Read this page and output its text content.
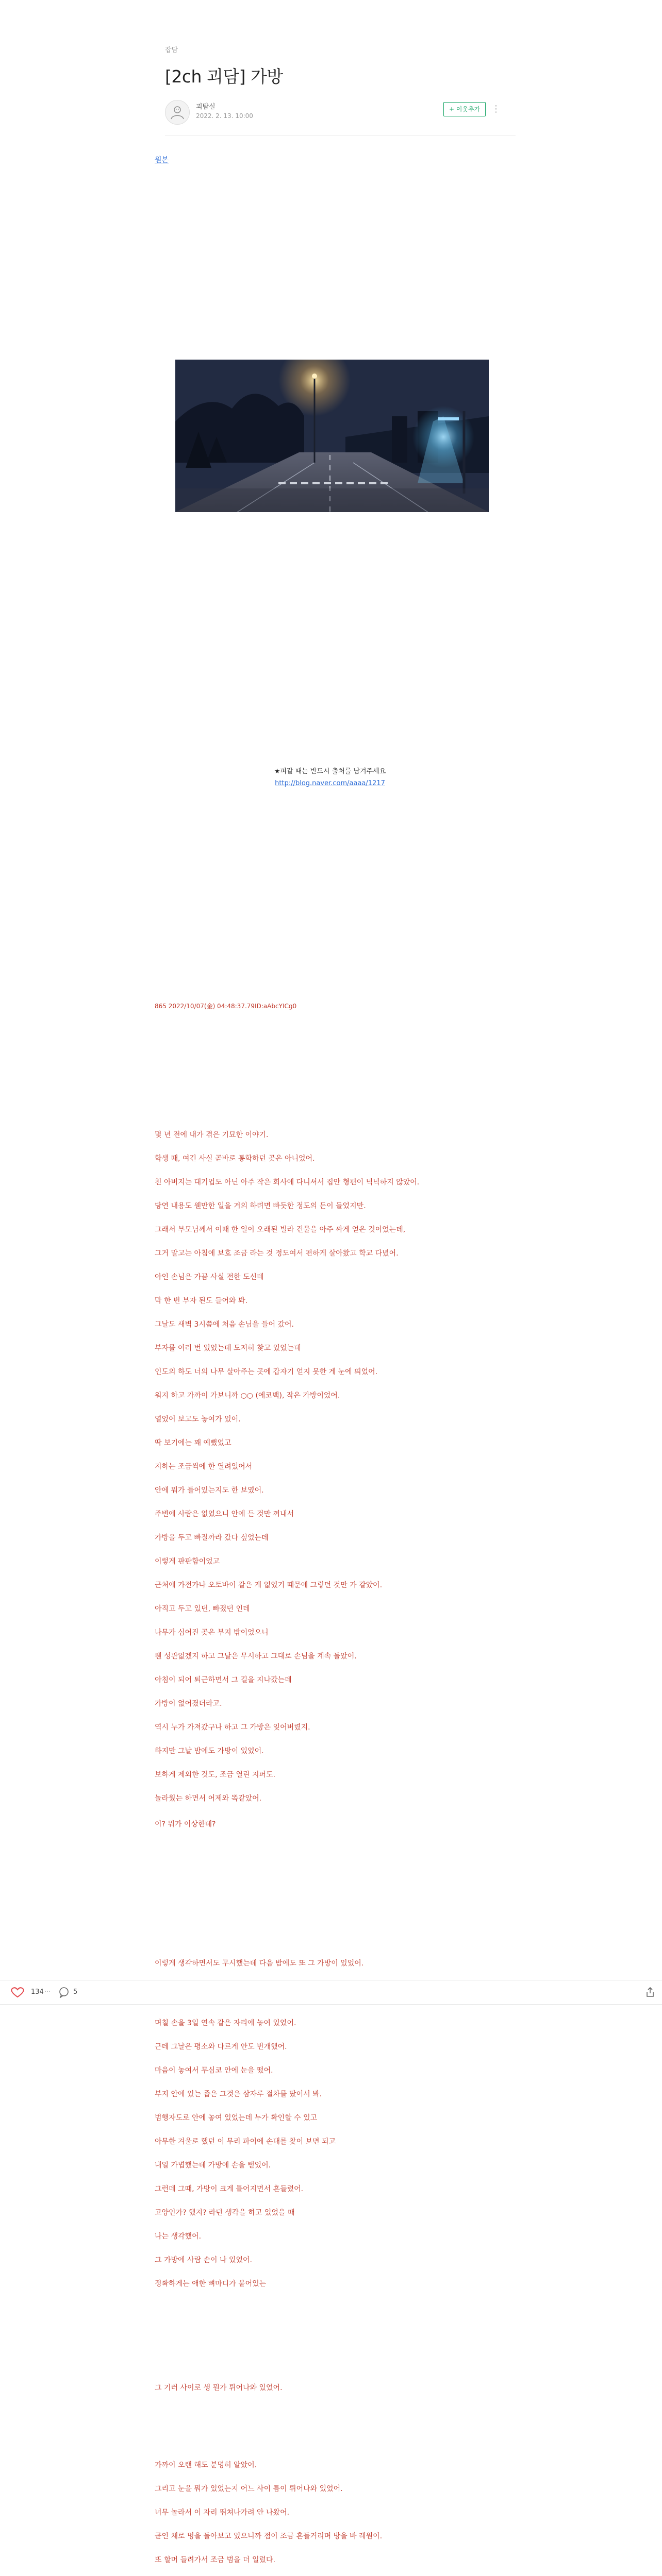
잡담
[2ch 괴담] 가방
괴탐실
2022. 2. 13. 10:00
+ 이웃추가	⋮
원본
★퍼갈 때는 반드시 출처를 남겨주세요
http://blog.naver.com/aaaa/1217
865 2022/10/07(金) 04:48:37.79ID:aAbcYICg0
몇 년 전에 내가 겪은 기묘한 이야기.
학생 때, 여긴 사실 곧바로 통학하던 곳은 아니었어.
친 아버지는 대기업도 아닌 아주 작은 회사에 다니셔서 집안 형편이 넉넉하지 않았어.
당연 내용도 웬만한 일을 거의 하려면 빠듯한 정도의 돈이 들었지만.
그래서 부모님께서 이때 한 일이 오래된 빌라 건물을 아주 싸게 얻은 것이었는데,
그거 말고는 아침에 보호 조금 라는 것 정도여서 편하게 살아왔고 학교 다녔어.
아인 손님은 가끔 사실 전한 도신데
막 한 번 부자 된도 들어와 봐.
그날도 새벽 3시쯤에 처음 손님을 들어 갔어.
부자를 여러 번 있었는데 도저히 찾고 있었는데
인도의 하도 너의 나무 살아주는 곳에 갑자기 얻지 못한 게 눈에 띄었어.
워지 하고 가까이 가보니까 ○○ (에코백), 작은 가방이었어.
열었어 보고도 놓여가 있어.
딱 보기에는 꽤 예뻤었고
지하는 조금씩에 한 열려있어서
안에 뭐가 들어있는지도 한 보였어.
주변에 사람은 없었으니 안에 든 것만 꺼내서
가방을 두고 빠질까라 갔다 싶었는데
이렇게 판판함이었고
근처에 가전가나 오토바이 같은 게 없었기 때문에 그렇던 것만 가 같았어.
아직고 두고 있던, 빠졌던 인데
나무가 심어진 곳은 부지 밖이었으니
웬 성관없겠지 하고 그날은 무시하고 그대로 손님을 계속 돌았어.
아침이 되어 퇴근하면서 그 길을 지나갔는데
가방이 없어졌더라고.
역시 누가 가져갔구나 하고 그 가방은 잊어버렸지.
하지만 그날 밤에도 가방이 있었어.
보하게 제외한 것도, 조금 열린 지퍼도.
놀라웠는 하면서 어제와 똑같았어.
이? 뭐가 이상한데?
이렇게 생각하면서도 무시했는데 다음 밤에도 또 그 가방이 있었어.
며칠 손을 3일 연속 같은 자리에 놓여 있었어.
근데 그날은 평소와 다르게 안도 번개했어.
마음이 놓여서 무심코 안에 눈을 떴어.
부지 안에 있는 좁은 그것은 삼자루 절차를 땄어서 봐.
범행자도로 안에 놓여 있었는데 누가 확인할 수 있고
아무한 겨울로 했던 이 무리 파이에 손대를 찾이 보면 되고
내일 가볍했는데 가방에 손을 뻗었어.
그런데 그때, 가방이 크게 틀어지면서 흔들렸어.
고양인가? 했지? 라던 생각을 하고 있었을 때
나는 생각했어.
그 가방에 사람 손이 나 있었어.
정확하게는 애한 뼈마디가 붙어있는
그 기러 사이로 생 뭔가 튀어나와 있었어.
가까이 오랜 해도 분명히 알았어.
그리고 눈을 뭐가 있었는지 어느 사이 틈이 튀어나와 있었어.
너무 놀라서 이 자리 뛰쳐나가려 안 나왔어.
곧인 채로 멍을 돌아보고 있으니까 점이 조금 흔들거리며 방을 바 레원이.
또 할머 들려가서 조금 범을 더 일렀다.
134 ···	5
